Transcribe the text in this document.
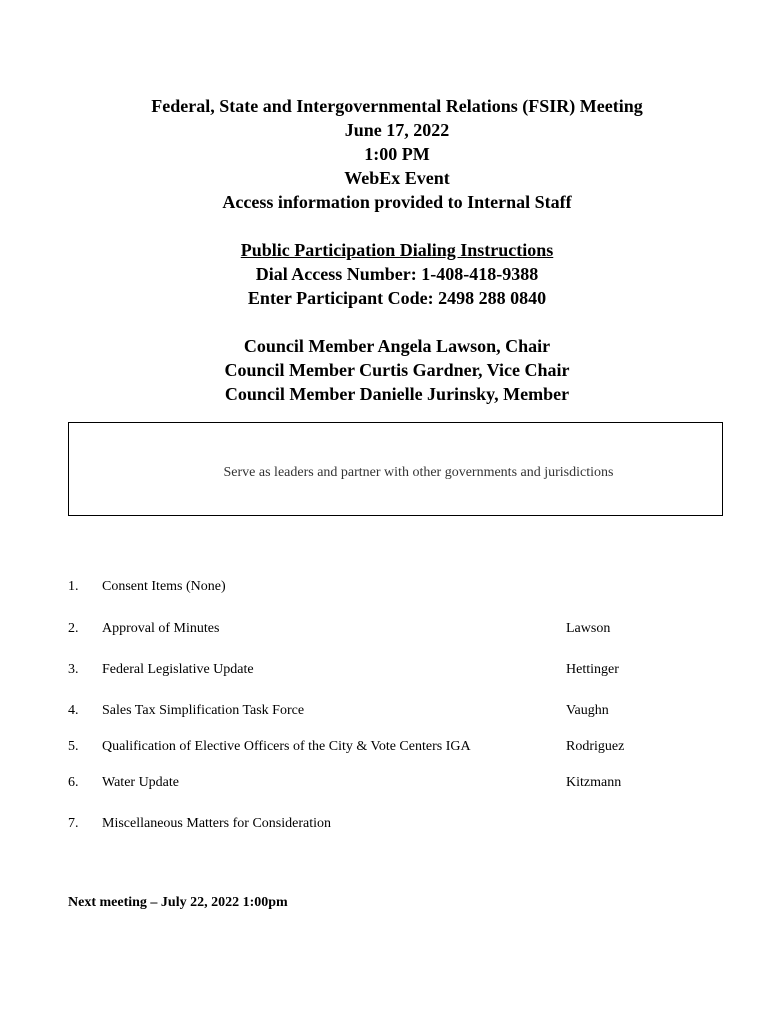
Federal, State and Intergovernmental Relations (FSIR) Meeting
June 17, 2022
1:00 PM
WebEx Event
Access information provided to Internal Staff
Public Participation Dialing Instructions
Dial Access Number: 1-408-418-9388
Enter Participant Code: 2498 288 0840
Council Member Angela Lawson, Chair
Council Member Curtis Gardner, Vice Chair
Council Member Danielle Jurinsky, Member
Serve as leaders and partner with other governments and jurisdictions
1. Consent Items (None)
2. Approval of Minutes	Lawson
3. Federal Legislative Update	Hettinger
4. Sales Tax Simplification Task Force	Vaughn
5. Qualification of Elective Officers of the City & Vote Centers IGA	Rodriguez
6. Water Update	Kitzmann
7. Miscellaneous Matters for Consideration
Next meeting – July 22, 2022 1:00pm
